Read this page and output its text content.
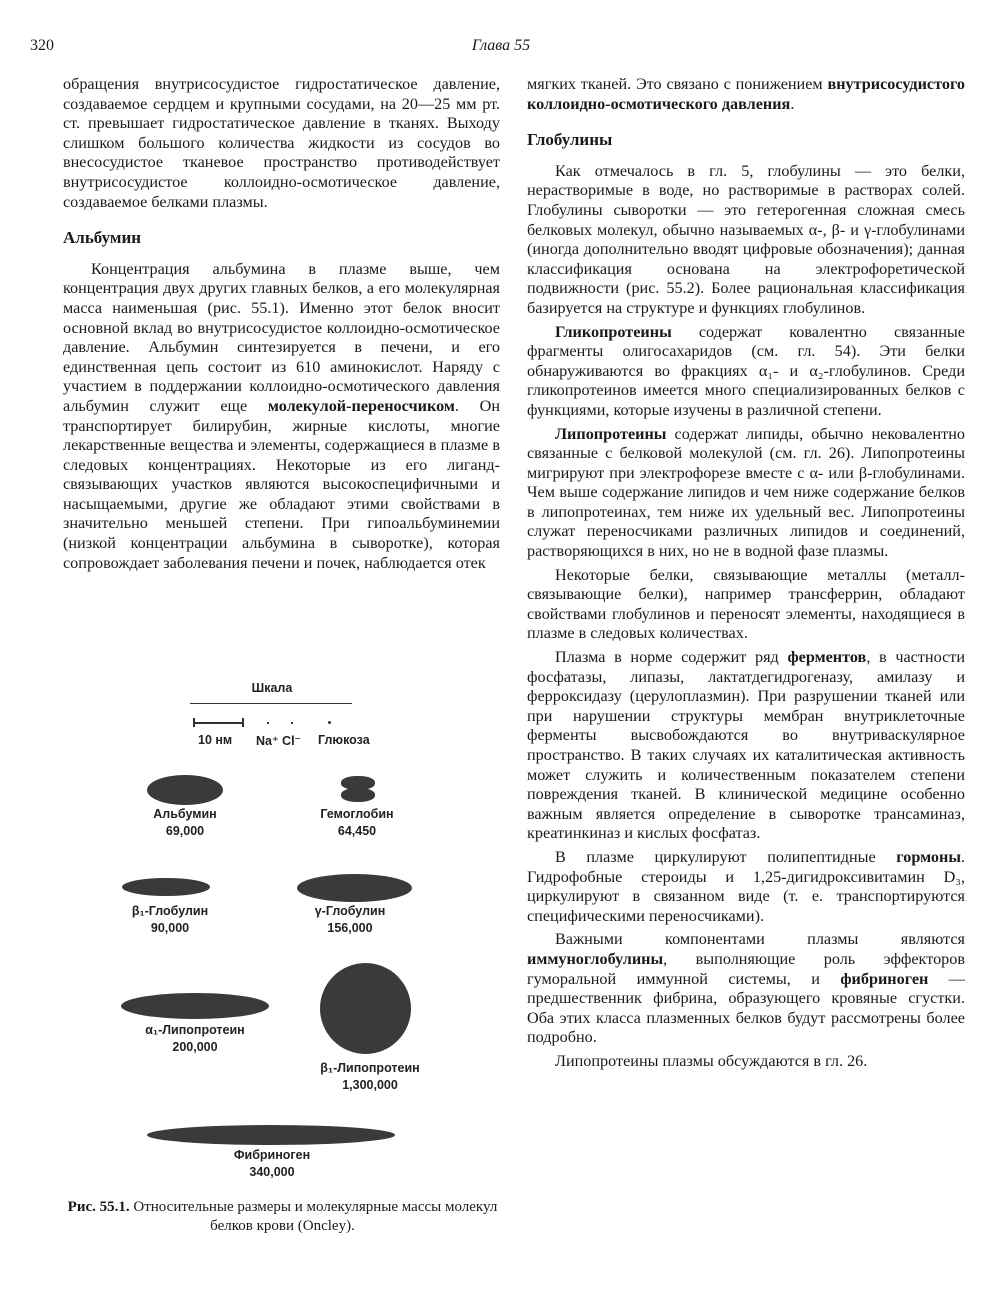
320	Глава 55

обращения внутрисосудистое гидростатическое давление, создаваемое сердцем и крупными сосудами, на 20—25 мм рт. ст. превышает гидростатическое давление в тканях. Выходу слишком большого количества жидкости из сосудов во внесосудистое тканевое пространство противодействует внутрисосудистое коллоидно-осмотическое давление, создаваемое белками плазмы.

Альбумин

Концентрация альбумина в плазме выше, чем концентрация двух других главных белков, а его молекулярная масса наименьшая (рис. 55.1). Именно этот белок вносит основной вклад во внутрисосудистое коллоидно-осмотическое давление. Альбумин синтезируется в печени, и его единственная цепь состоит из 610 аминокислот. Наряду с участием в поддержании коллоидно-осмотического давления альбумин служит еще молекулой-переносчиком. Он транспортирует билирубин, жирные кислоты, многие лекарственные вещества и элементы, содержащиеся в плазме в следовых концентрациях. Некоторые из его лиганд-связывающих участков являются высокоспецифичными и насыщаемыми, другие же обладают этими свойствами в значительно меньшей степени. При гипоальбуминемии (низкой концентрации альбумина в сыворотке), которая сопровождает заболевания печени и почек, наблюдается отек

мягких тканей. Это связано с понижением внутрисосудистого коллоидно-осмотического давления.

Глобулины

Как отмечалось в гл. 5, глобулины — это белки, нерастворимые в воде, но растворимые в растворах солей. Глобулины сыворотки — это гетерогенная сложная смесь белковых молекул, обычно называемых α-, β- и γ-глобулинами (иногда дополнительно вводят цифровые обозначения); данная классификация основана на электрофоретической подвижности (рис. 55.2). Более рациональная классификация базируется на структуре и функциях глобулинов.

Гликопротеины содержат ковалентно связанные фрагменты олигосахаридов (см. гл. 54). Эти белки обнаруживаются во фракциях α₁- и α₂-глобулинов. Среди гликопротеинов имеется много специализированных белков с функциями, которые изучены в различной степени.

Липопротеины содержат липиды, обычно нековалентно связанные с белковой молекулой (см. гл. 26). Липопротеины мигрируют при электрофорезе вместе с α- или β-глобулинами. Чем выше содержание липидов и чем ниже содержание белков в липопротеинах, тем ниже их удельный вес. Липопротеины служат переносчиками различных липидов и соединений, растворяющихся в них, но не в водной фазе плазмы.

Некоторые белки, связывающие металлы (металл-связывающие белки), например трансферрин, обладают свойствами глобулинов и переносят элементы, находящиеся в плазме в следовых количествах.

Плазма в норме содержит ряд ферментов, в частности фосфатазы, липазы, лактатдегидрогеназу, амилазу и ферроксидазу (церулоплазмин). При разрушении тканей или при нарушении структуры мембран внутриклеточные ферменты высвобождаются во внутриваскулярное пространство. В таких случаях их каталитическая активность может служить и количественным показателем степени повреждения тканей. В клинической медицине особенно важным является определение в сыворотке трансаминаз, креатинкиназ и кислых фосфатаз.

В плазме циркулируют полипептидные гормоны. Гидрофобные стероиды и 1,25-дигидроксивитамин D₃, циркулируют в связанном виде (т. е. транспортируются специфическими переносчиками).

Важными компонентами плазмы являются иммуноглобулины, выполняющие роль эффекторов гуморальной иммунной системы, и фибриноген — предшественник фибрина, образующего кровяные сгустки. Оба этих класса плазменных белков будут рассмотрены более подробно.

Липопротеины плазмы обсуждаются в гл. 26.

Шкала
10 нм Na⁺ Cl⁻ Глюкоза
Альбумин
69,000
Гемоглобин
64,450
β₁-Глобулин
90,000
γ-Глобулин
156,000
α₁-Липопротеин
200,000
β₁-Липопротеин
1,300,000
Фибриноген
340,000
Рис. 55.1. Относительные размеры и молекулярные массы молекул белков крови (Oncley).
